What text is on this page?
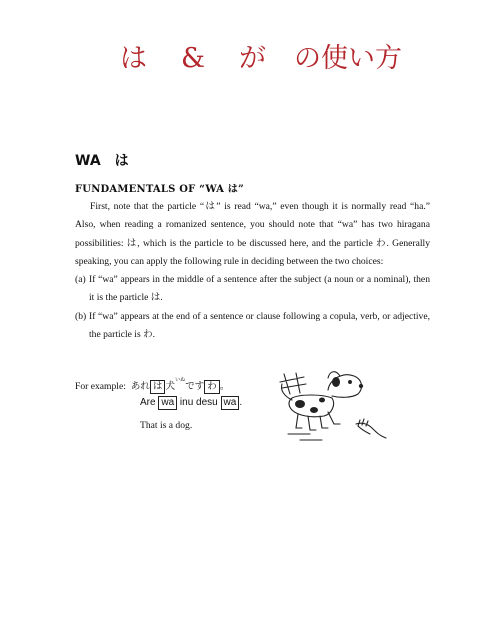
は & が の使い方
WA　は
FUNDAMENTALS OF “WA は”

First, note that the particle “は” is read “wa,” even though it is normally read “ha.” Also, when reading a romanized sentence, you should note that “wa” has two hiragana possibilities: は, which is the particle to be discussed here, and the particle わ. Generally speaking, you can apply the following rule in deciding between the two choices:

(a) If “wa” appears in the middle of a sentence after the subject (a noun or a nominal), then it is the particle は.
(b) If “wa” appears at the end of a sentence or clause following a copula, verb, or adjective, the particle is わ.
For example: あれ は 犬$^{いぬ}$です わ 。
Are wa inu desu wa .
That is a dog.
